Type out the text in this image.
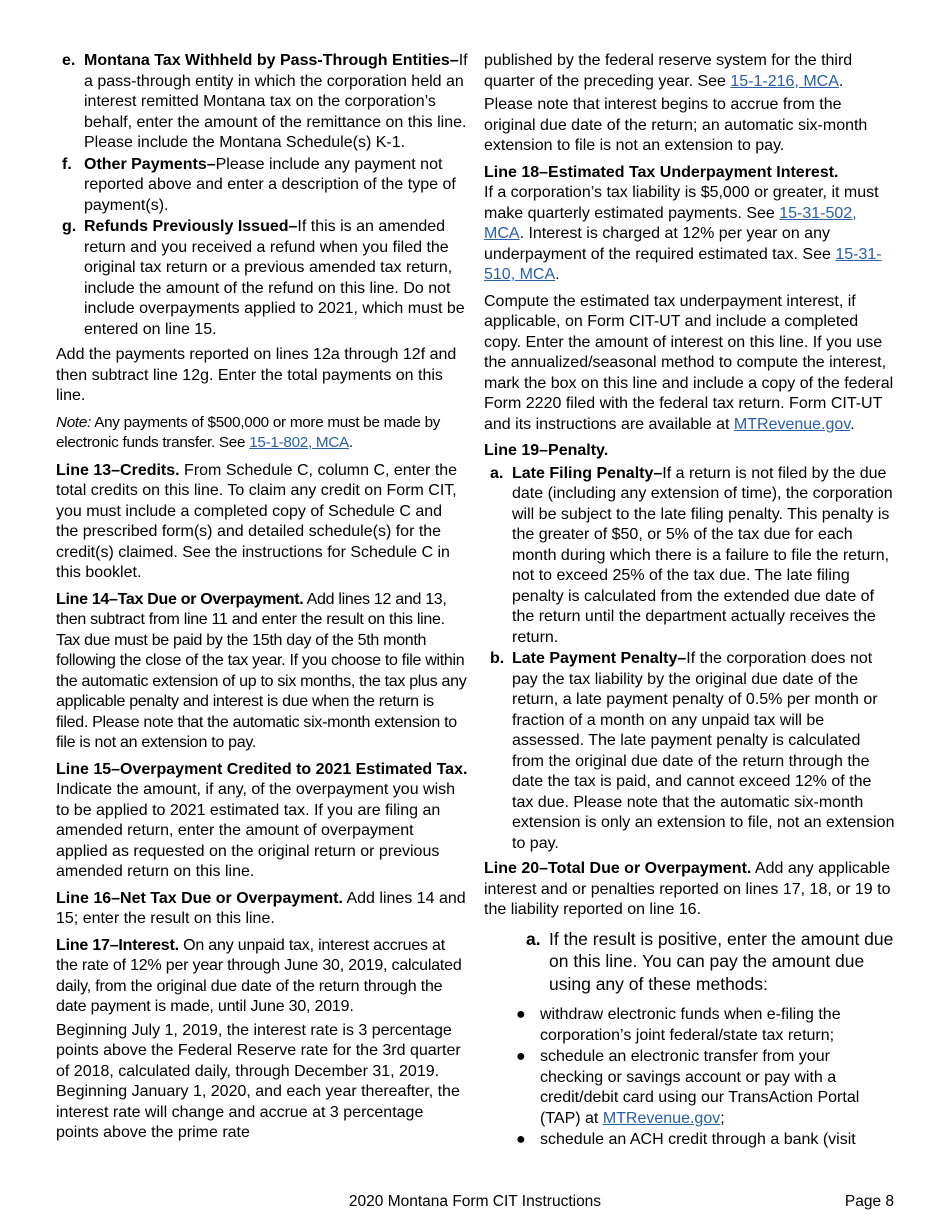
e. Montana Tax Withheld by Pass-Through Entities–If a pass-through entity in which the corporation held an interest remitted Montana tax on the corporation’s behalf, enter the amount of the remittance on this line. Please include the Montana Schedule(s) K-1.
f. Other Payments–Please include any payment not reported above and enter a description of the type of payment(s).
g. Refunds Previously Issued–If this is an amended return and you received a refund when you filed the original tax return or a previous amended tax return, include the amount of the refund on this line. Do not include overpayments applied to 2021, which must be entered on line 15.

Add the payments reported on lines 12a through 12f and then subtract line 12g. Enter the total payments on this line.

Note: Any payments of $500,000 or more must be made by electronic funds transfer. See 15-1-802, MCA.

Line 13–Credits. From Schedule C, column C, enter the total credits on this line. To claim any credit on Form CIT, you must include a completed copy of Schedule C and the prescribed form(s) and detailed schedule(s) for the credit(s) claimed. See the instructions for Schedule C in this booklet.

Line 14–Tax Due or Overpayment. Add lines 12 and 13, then subtract from line 11 and enter the result on this line. Tax due must be paid by the 15th day of the 5th month following the close of the tax year. If you choose to file within the automatic extension of up to six months, the tax plus any applicable penalty and interest is due when the return is filed. Please note that the automatic six-month extension to file is not an extension to pay.

Line 15–Overpayment Credited to 2021 Estimated Tax. Indicate the amount, if any, of the overpayment you wish to be applied to 2021 estimated tax. If you are filing an amended return, enter the amount of overpayment applied as requested on the original return or previous amended return on this line.

Line 16–Net Tax Due or Overpayment. Add lines 14 and 15; enter the result on this line.

Line 17–Interest. On any unpaid tax, interest accrues at the rate of 12% per year through June 30, 2019, calculated daily, from the original due date of the return through the date payment is made, until June 30, 2019.

Beginning July 1, 2019, the interest rate is 3 percentage points above the Federal Reserve rate for the 3rd quarter of 2018, calculated daily, through December 31, 2019. Beginning January 1, 2020, and each year thereafter, the interest rate will change and accrue at 3 percentage points above the prime rate

published by the federal reserve system for the third quarter of the preceding year. See 15-1-216, MCA.

Please note that interest begins to accrue from the original due date of the return; an automatic six-month extension to file is not an extension to pay.

Line 18–Estimated Tax Underpayment Interest.
If a corporation’s tax liability is $5,000 or greater, it must make quarterly estimated payments. See 15-31-502, MCA. Interest is charged at 12% per year on any underpayment of the required estimated tax. See 15-31-510, MCA.

Compute the estimated tax underpayment interest, if applicable, on Form CIT-UT and include a completed copy. Enter the amount of interest on this line. If you use the annualized/seasonal method to compute the interest, mark the box on this line and include a copy of the federal Form 2220 filed with the federal tax return. Form CIT-UT and its instructions are available at MTRevenue.gov.

Line 19–Penalty.

a. Late Filing Penalty–If a return is not filed by the due date (including any extension of time), the corporation will be subject to the late filing penalty. This penalty is the greater of $50, or 5% of the tax due for each month during which there is a failure to file the return, not to exceed 25% of the tax due. The late filing penalty is calculated from the extended due date of the return until the department actually receives the return.
b. Late Payment Penalty–If the corporation does not pay the tax liability by the original due date of the return, a late payment penalty of 0.5% per month or fraction of a month on any unpaid tax will be assessed. The late payment penalty is calculated from the original due date of the return through the date the tax is paid, and cannot exceed 12% of the tax due. Please note that the automatic six-month extension is only an extension to file, not an extension to pay.

Line 20–Total Due or Overpayment. Add any applicable interest and or penalties reported on lines 17, 18, or 19 to the liability reported on line 16.

a. If the result is positive, enter the amount due on this line. You can pay the amount due using any of these methods:
● withdraw electronic funds when e-filing the corporation’s joint federal/state tax return;
● schedule an electronic transfer from your checking or savings account or pay with a credit/debit card using our TransAction Portal (TAP) at MTRevenue.gov;
● schedule an ACH credit through a bank (visit
2020 Montana Form CIT Instructions	Page 8
